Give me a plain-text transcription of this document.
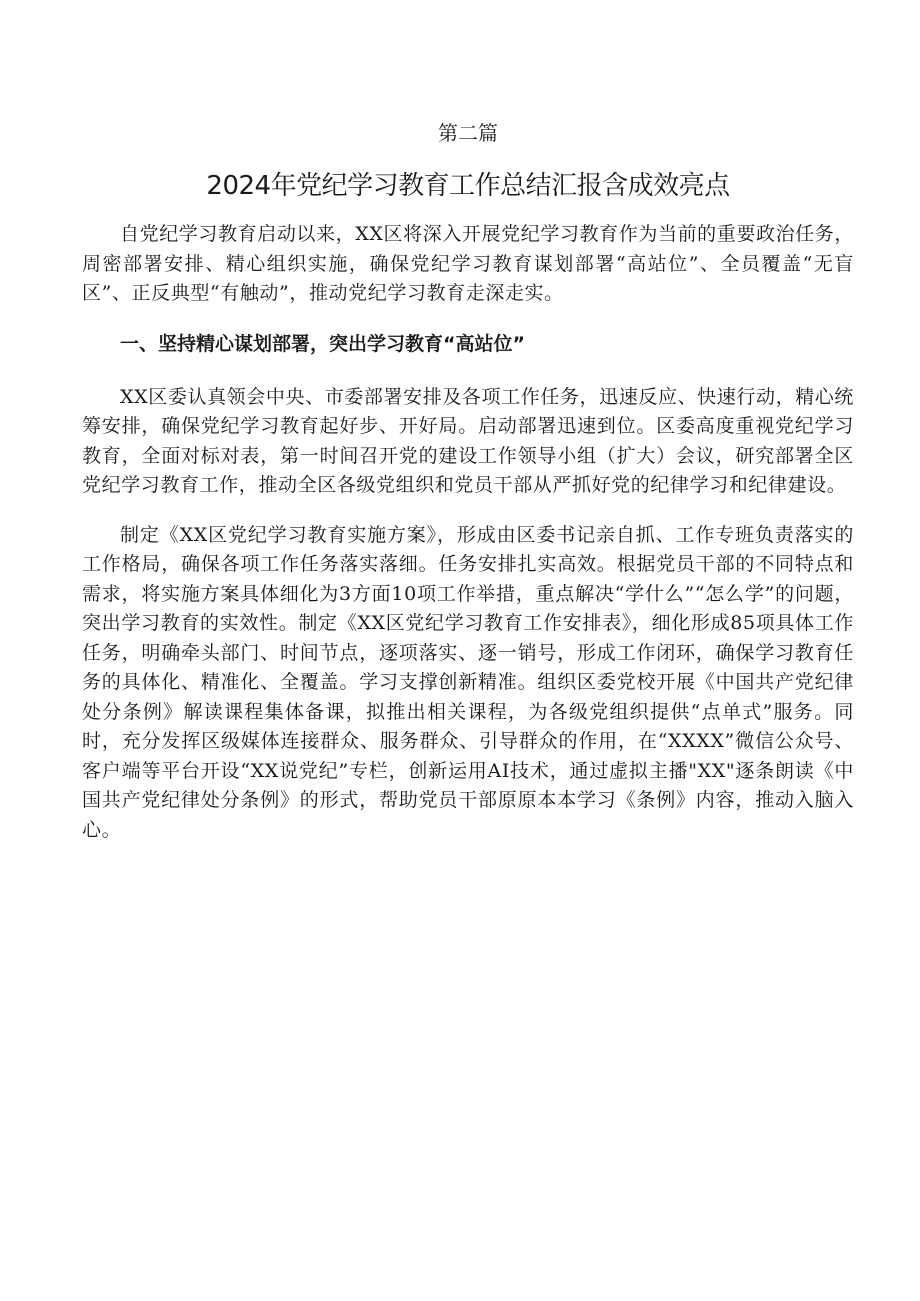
第二篇
2024年党纪学习教育工作总结汇报含成效亮点

自党纪学习教育启动以来，XX区将深入开展党纪学习教育作为当前的重要政治任务，周密部署安排、精心组织实施，确保党纪学习教育谋划部署“高站位”、全员覆盖“无盲区”、正反典型“有触动”，推动党纪学习教育走深走实。

一、坚持精心谋划部署，突出学习教育“高站位”

XX区委认真领会中央、市委部署安排及各项工作任务，迅速反应、快速行动，精心统筹安排，确保党纪学习教育起好步、开好局。启动部署迅速到位。区委高度重视党纪学习教育，全面对标对表，第一时间召开党的建设工作领导小组（扩大）会议，研究部署全区党纪学习教育工作，推动全区各级党组织和党员干部从严抓好党的纪律学习和纪律建设。

制定《XX区党纪学习教育实施方案》，形成由区委书记亲自抓、工作专班负责落实的工作格局，确保各项工作任务落实落细。任务安排扎实高效。根据党员干部的不同特点和需求，将实施方案具体细化为3方面10项工作举措，重点解决“学什么”“怎么学”的问题，突出学习教育的实效性。制定《XX区党纪学习教育工作安排表》，细化形成85项具体工作任务，明确牵头部门、时间节点，逐项落实、逐一销号，形成工作闭环，确保学习教育任务的具体化、精准化、全覆盖。学习支撑创新精准。组织区委党校开展《中国共产党纪律处分条例》解读课程集体备课，拟推出相关课程，为各级党组织提供“点单式”服务。同时，充分发挥区级媒体连接群众、服务群众、引导群众的作用，在“XXXX”微信公众号、客户端等平台开设“XX说党纪”专栏，创新运用AI技术，通过虚拟主播"XX"逐条朗读《中国共产党纪律处分条例》的形式，帮助党员干部原原本本学习《条例》内容，推动入脑入心。
